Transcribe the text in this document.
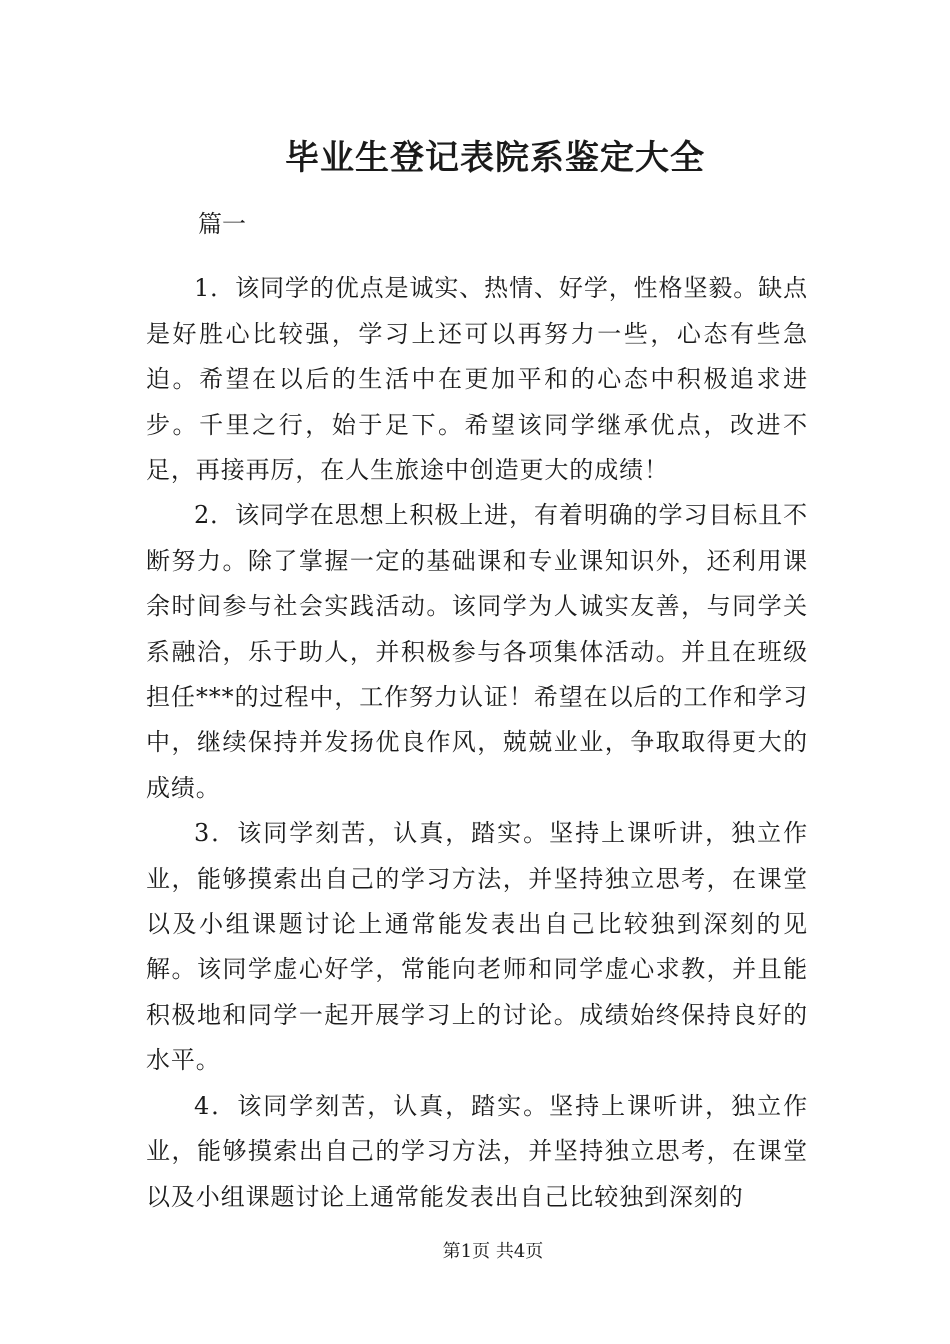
毕业生登记表院系鉴定大全
篇一

1．该同学的优点是诚实、热情、好学，性格坚毅。缺点是好胜心比较强，学习上还可以再努力一些，心态有些急迫。希望在以后的生活中在更加平和的心态中积极追求进步。千里之行，始于足下。希望该同学继承优点，改进不足，再接再厉，在人生旅途中创造更大的成绩！

2．该同学在思想上积极上进，有着明确的学习目标且不断努力。除了掌握一定的基础课和专业课知识外，还利用课余时间参与社会实践活动。该同学为人诚实友善，与同学关系融洽，乐于助人，并积极参与各项集体活动。并且在班级担任***的过程中，工作努力认证！希望在以后的工作和学习中，继续保持并发扬优良作风，兢兢业业，争取取得更大的成绩。

3．该同学刻苦，认真，踏实。坚持上课听讲，独立作业，能够摸索出自己的学习方法，并坚持独立思考，在课堂以及小组课题讨论上通常能发表出自己比较独到深刻的见解。该同学虚心好学，常能向老师和同学虚心求教，并且能积极地和同学一起开展学习上的讨论。成绩始终保持良好的水平。

4．该同学刻苦，认真，踏实。坚持上课听讲，独立作业，能够摸索出自己的学习方法，并坚持独立思考，在课堂以及小组课题讨论上通常能发表出自己比较独到深刻的

第1页 共4页
